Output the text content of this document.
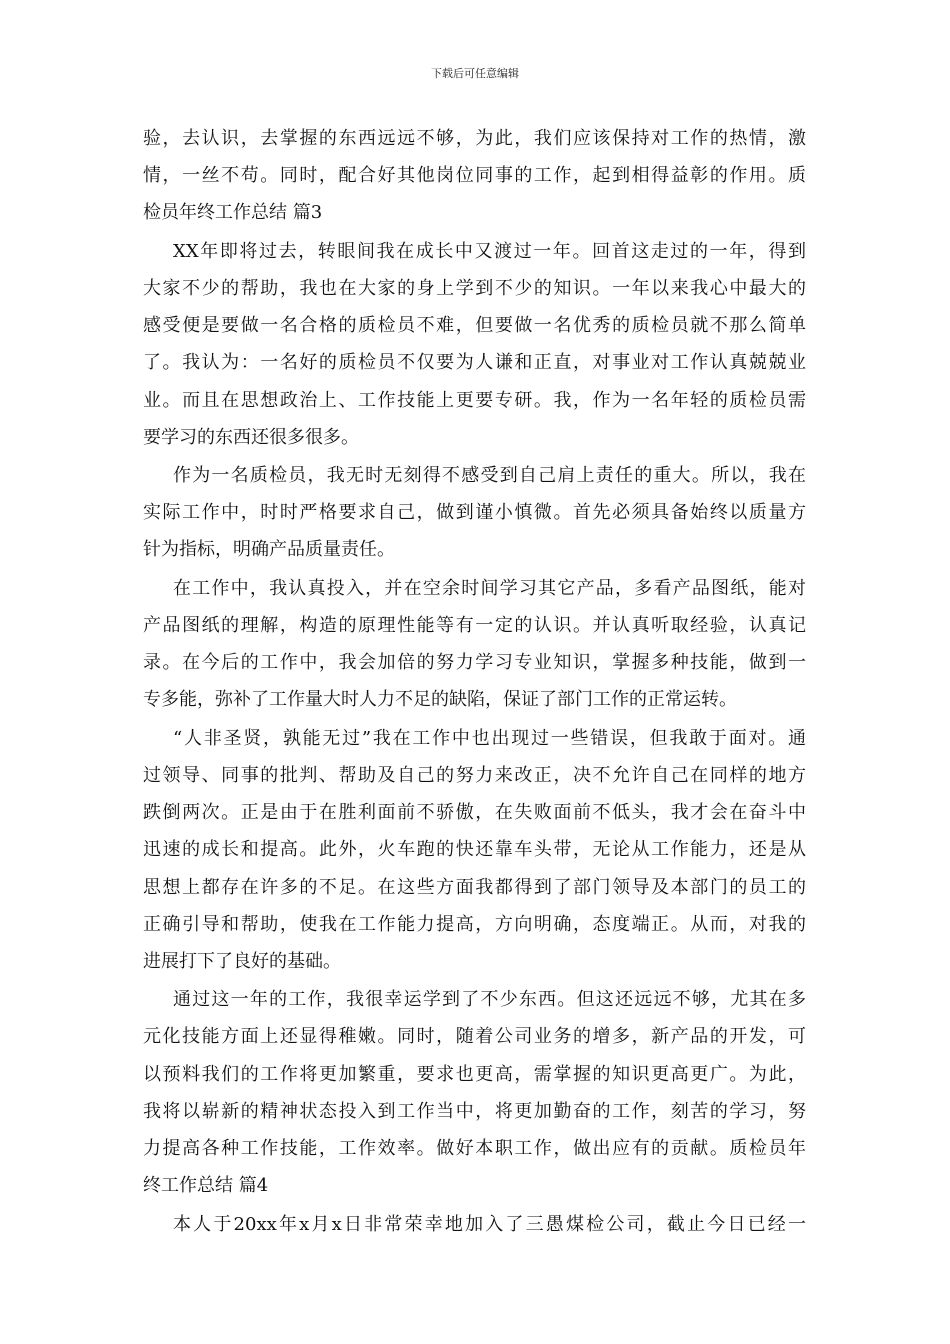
下载后可任意编辑
验，去认识，去掌握的东西远远不够，为此，我们应该保持对工作的热情，激
情，一丝不苟。同时，配合好其他岗位同事的工作，起到相得益彰的作用。质
检员年终工作总结 篇3
XX年即将过去，转眼间我在成长中又渡过一年。回首这走过的一年，得到
大家不少的帮助，我也在大家的身上学到不少的知识。一年以来我心中最大的
感受便是要做一名合格的质检员不难，但要做一名优秀的质检员就不那么简单
了。我认为：一名好的质检员不仅要为人谦和正直，对事业对工作认真兢兢业
业。而且在思想政治上、工作技能上更要专研。我，作为一名年轻的质检员需
要学习的东西还很多很多。
作为一名质检员，我无时无刻得不感受到自己肩上责任的重大。所以，我在
实际工作中，时时严格要求自己，做到谨小慎微。首先必须具备始终以质量方
针为指标，明确产品质量责任。
在工作中，我认真投入，并在空余时间学习其它产品，多看产品图纸，能对
产品图纸的理解，构造的原理性能等有一定的认识。并认真听取经验，认真记
录。在今后的工作中，我会加倍的努力学习专业知识，掌握多种技能，做到一
专多能，弥补了工作量大时人力不足的缺陷，保证了部门工作的正常运转。
“人非圣贤，孰能无过”我在工作中也出现过一些错误，但我敢于面对。通
过领导、同事的批判、帮助及自己的努力来改正，决不允许自己在同样的地方
跌倒两次。正是由于在胜利面前不骄傲，在失败面前不低头，我才会在奋斗中
迅速的成长和提高。此外，火车跑的快还靠车头带，无论从工作能力，还是从
思想上都存在许多的不足。在这些方面我都得到了部门领导及本部门的员工的
正确引导和帮助，使我在工作能力提高，方向明确，态度端正。从而，对我的
进展打下了良好的基础。
通过这一年的工作，我很幸运学到了不少东西。但这还远远不够，尤其在多
元化技能方面上还显得稚嫩。同时，随着公司业务的增多，新产品的开发，可
以预料我们的工作将更加繁重，要求也更高，需掌握的知识更高更广。为此，
我将以崭新的精神状态投入到工作当中，将更加勤奋的工作，刻苦的学习，努
力提高各种工作技能，工作效率。做好本职工作，做出应有的贡献。质检员年
终工作总结 篇4
本人于20xx年x月x日非常荣幸地加入了三愚煤检公司，截止今日已经一
